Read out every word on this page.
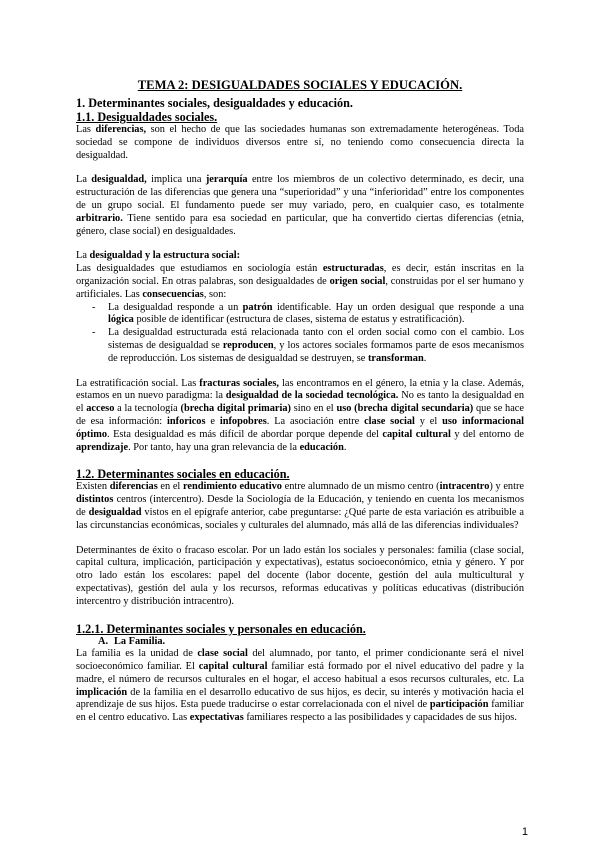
TEMA 2: DESIGUALDADES SOCIALES Y EDUCACIÓN.
1. Determinantes sociales, desigualdades y educación.
1.1. Desigualdades sociales.

Las diferencias, son el hecho de que las sociedades humanas son extremadamente heterogéneas. Toda sociedad se compone de individuos diversos entre sí, no teniendo como consecuencia directa la desigualdad.

La desigualdad, implica una jerarquía entre los miembros de un colectivo determinado, es decir, una estructuración de las diferencias que genera una “superioridad” y una “inferioridad” entre los componentes de un grupo social. El fundamento puede ser muy variado, pero, en cualquier caso, es totalmente arbitrario. Tiene sentido para esa sociedad en particular, que ha convertido ciertas diferencias (etnia, género, clase social) en desigualdades.

La desigualdad y la estructura social:

Las desigualdades que estudiamos en sociología están estructuradas, es decir, están inscritas en la organización social. En otras palabras, son desigualdades de origen social, construidas por el ser humano y artificiales. Las consecuencias, son:

- La desigualdad responde a un patrón identificable. Hay un orden desigual que responde a una lógica posible de identificar (estructura de clases, sistema de estatus y estratificación).
- La desigualdad estructurada está relacionada tanto con el orden social como con el cambio. Los sistemas de desigualdad se reproducen, y los actores sociales formamos parte de esos mecanismos de reproducción. Los sistemas de desigualdad se destruyen, se transforman.

La estratificación social. Las fracturas sociales, las encontramos en el género, la etnia y la clase. Además, estamos en un nuevo paradigma: la desigualdad de la sociedad tecnológica. No es tanto la desigualdad en el acceso a la tecnología (brecha digital primaria) sino en el uso (brecha digital secundaria) que se hace de esa información: inforicos e infopobres. La asociación entre clase social y el uso informacional óptimo. Esta desigualdad es más difícil de abordar porque depende del capital cultural y del entorno de aprendizaje. Por tanto, hay una gran relevancia de la educación.

1.2. Determinantes sociales en educación.

Existen diferencias en el rendimiento educativo entre alumnado de un mismo centro (intracentro) y entre distintos centros (intercentro). Desde la Sociología de la Educación, y teniendo en cuenta los mecanismos de desigualdad vistos en el epígrafe anterior, cabe preguntarse: ¿Qué parte de esta variación es atribuible a las circunstancias económicas, sociales y culturales del alumnado, más allá de las diferencias individuales?

Determinantes de éxito o fracaso escolar. Por un lado están los sociales y personales: familia (clase social, capital cultura, implicación, participación y expectativas), estatus socioeconómico, etnia y género. Y por otro lado están los escolares: papel del docente (labor docente, gestión del aula multicultural y expectativas), gestión del aula y los recursos, reformas educativas y políticas educativas (distribución intercentro y distribución intracentro).

1.2.1. Determinantes sociales y personales en educación.
A. La Familia.

La familia es la unidad de clase social del alumnado, por tanto, el primer condicionante será el nivel socioeconómico familiar. El capital cultural familiar está formado por el nivel educativo del padre y la madre, el número de recursos culturales en el hogar, el acceso habitual a esos recursos culturales, etc. La implicación de la familia en el desarrollo educativo de sus hijos, es decir, su interés y motivación hacia el aprendizaje de sus hijos. Esta puede traducirse o estar correlacionada con el nivel de participación familiar en el centro educativo. Las expectativas familiares respecto a las posibilidades y capacidades de sus hijos.

1
